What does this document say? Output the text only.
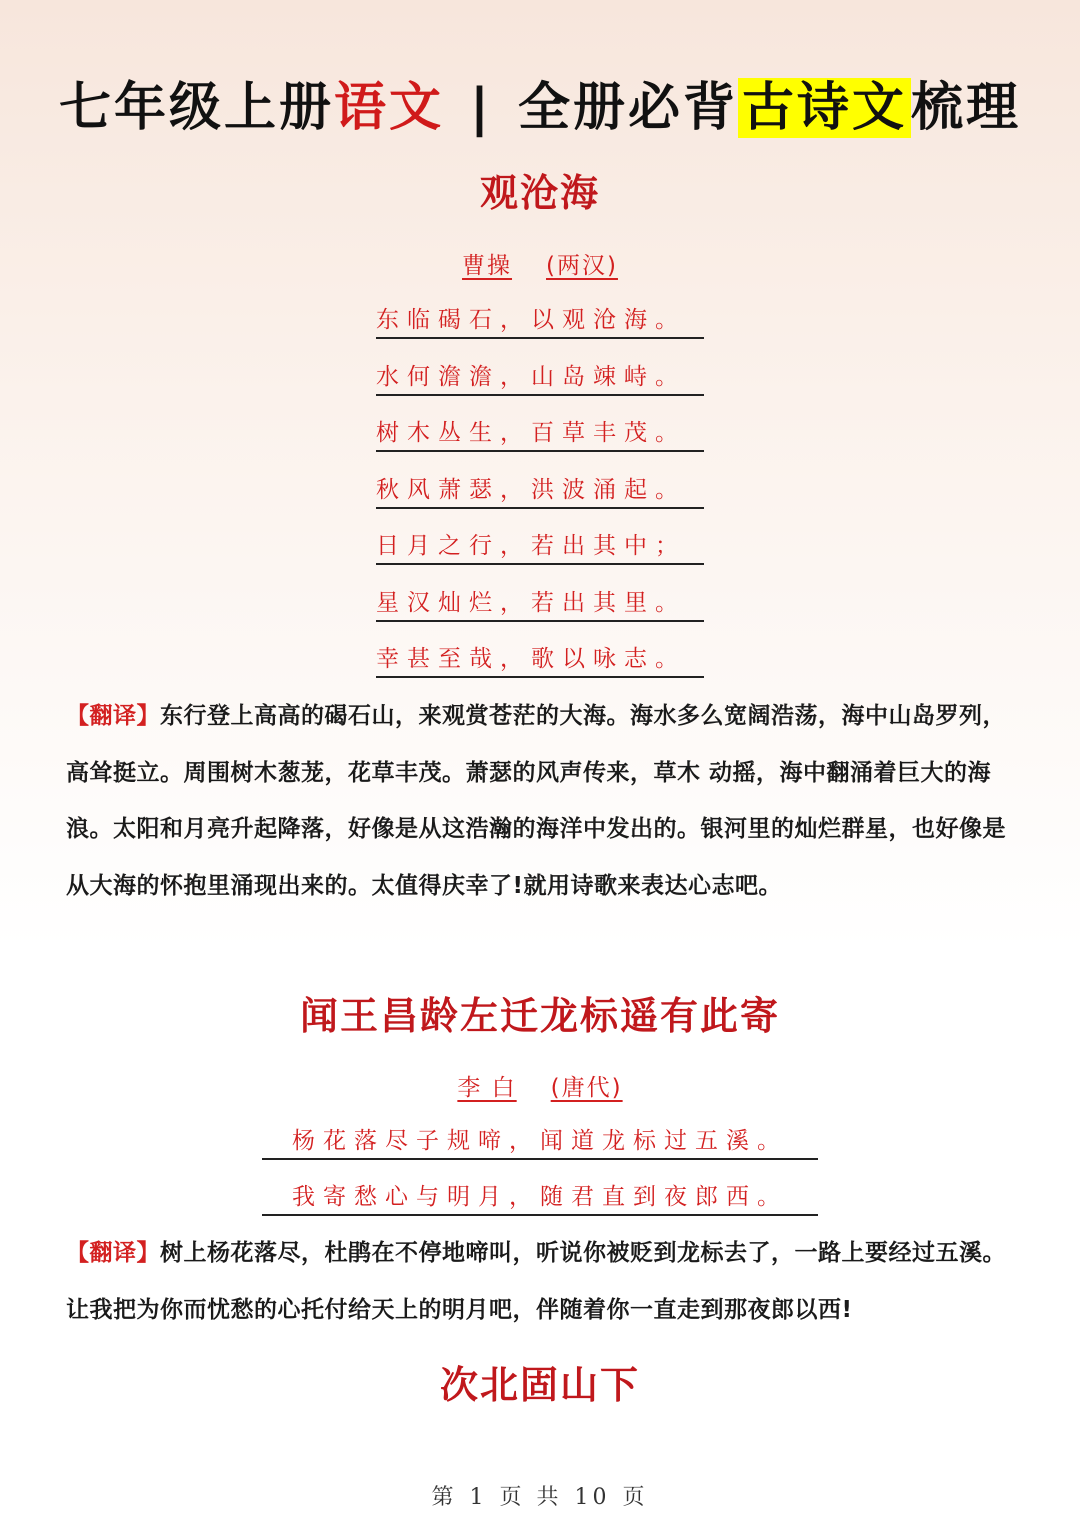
七年级上册语文 | 全册必背古诗文梳理
观沧海
曹操 (两汉)
东临碣石，以观沧海。
水何澹澹，山岛竦峙。
树木丛生，百草丰茂。
秋风萧瑟，洪波涌起。
日月之行，若出其中；
星汉灿烂，若出其里。
幸甚至哉，歌以咏志。
【翻译】东行登上高高的碣石山，来观赏苍茫的大海。海水多么宽阔浩荡，海中山岛罗列，高耸挺立。周围树木葱茏，花草丰茂。萧瑟的风声传来，草木 动摇，海中翻涌着巨大的海浪。太阳和月亮升起降落，好像是从这浩瀚的海洋中发出的。银河里的灿烂群星，也好像是从大海的怀抱里涌现出来的。太值得庆幸了!就用诗歌来表达心志吧。
闻王昌龄左迁龙标遥有此寄
李 白 (唐代)
杨花落尽子规啼，闻道龙标过五溪。
我寄愁心与明月，随君直到夜郎西。
【翻译】树上杨花落尽，杜鹃在不停地啼叫，听说你被贬到龙标去了，一路上要经过五溪。让我把为你而忧愁的心托付给天上的明月吧，伴随着你一直走到那夜郎以西!
次北固山下
第 1 页 共 10 页
